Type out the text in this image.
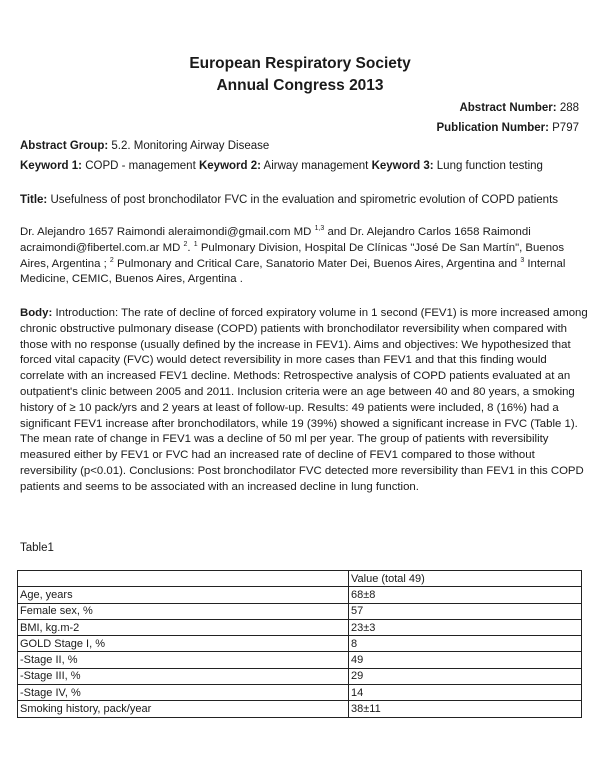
European Respiratory Society
Annual Congress 2013
Abstract Number: 288
Publication Number: P797
Abstract Group: 5.2. Monitoring Airway Disease
Keyword 1: COPD - management Keyword 2: Airway management Keyword 3: Lung function testing
Title: Usefulness of post bronchodilator FVC in the evaluation and spirometric evolution of COPD patients
Dr. Alejandro 1657 Raimondi aleraimondi@gmail.com MD $^{1,3}$ and Dr. Alejandro Carlos 1658 Raimondi acraimondi@fibertel.com.ar MD $^2$. $^1$ Pulmonary Division, Hospital De Clínicas "José De San Martín", Buenos Aires, Argentina ; $^2$ Pulmonary and Critical Care, Sanatorio Mater Dei, Buenos Aires, Argentina and $^3$ Internal Medicine, CEMIC, Buenos Aires, Argentina .
Body: Introduction: The rate of decline of forced expiratory volume in 1 second (FEV1) is more increased among chronic obstructive pulmonary disease (COPD) patients with bronchodilator reversibility when compared with those with no response (usually defined by the increase in FEV1). Aims and objectives: We hypothesized that forced vital capacity (FVC) would detect reversibility in more cases than FEV1 and that this finding would correlate with an increased FEV1 decline. Methods: Retrospective analysis of COPD patients evaluated at an outpatient's clinic between 2005 and 2011. Inclusion criteria were an age between 40 and 80 years, a smoking history of ≥ 10 pack/yrs and 2 years at least of follow-up. Results: 49 patients were included, 8 (16%) had a significant FEV1 increase after bronchodilators, while 19 (39%) showed a significant increase in FVC (Table 1). The mean rate of change in FEV1 was a decline of 50 ml per year. The group of patients with reversibility measured either by FEV1 or FVC had an increased rate of decline of FEV1 compared to those without reversibility (p<0.01). Conclusions: Post bronchodilator FVC detected more reversibility than FEV1 in this COPD patients and seems to be associated with an increased decline in lung function.
Table1
	Value (total 49)
Age, years	68±8
Female sex, %	57
BMI, kg.m-2	23±3
GOLD Stage I, %	8
-Stage II, %	49
-Stage III, %	29
-Stage IV, %	14
Smoking history, pack/year	38±11
